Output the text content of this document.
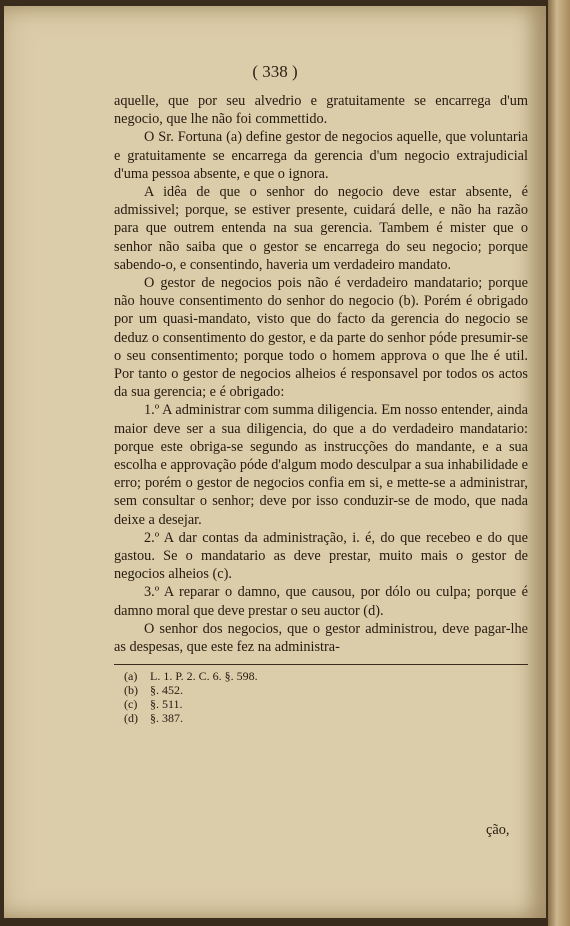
( 338 )

aquelle, que por seu alvedrio e gratuitamente se encarrega d'um negocio, que lhe não foi commettido.

O Sr. Fortuna (a) define gestor de negocios aquelle, que voluntaria e gratuitamente se encarrega da gerencia d'um negocio extrajudicial d'uma pessoa absente, e que o ignora.

A idêa de que o senhor do negocio deve estar absente, é admissivel; porque, se estiver presente, cuidará delle, e não ha razão para que outrem entenda na sua gerencia. Tambem é mister que o senhor não saiba que o gestor se encarrega do seu negocio; porque sabendo-o, e consentindo, haveria um verdadeiro mandato.

O gestor de negocios pois não é verdadeiro mandatario; porque não houve consentimento do senhor do negocio (b). Porém é obrigado por um quasi-mandato, visto que do facto da gerencia do negocio se deduz o consentimento do gestor, e da parte do senhor póde presumir-se o seu consentimento; porque todo o homem approva o que lhe é util. Por tanto o gestor de negocios alheios é responsavel por todos os actos da sua gerencia; e é obrigado:

1.º A administrar com summa diligencia. Em nosso entender, ainda maior deve ser a sua diligencia, do que a do verdadeiro mandatario: porque este obriga-se segundo as instrucções do mandante, e a sua escolha e approvação póde d'algum modo desculpar a sua inhabilidade e erro; porém o gestor de negocios confia em si, e mette-se a administrar, sem consultar o senhor; deve por isso conduzir-se de modo, que nada deixe a desejar.

2.º A dar contas da administração, i. é, do que recebeo e do que gastou. Se o mandatario as deve prestar, muito mais o gestor de negocios alheios (c).

3.º A reparar o damno, que causou, por dólo ou culpa; porque é damno moral que deve prestar o seu auctor (d).

O senhor dos negocios, que o gestor administrou, deve pagar-lhe as despesas, que este fez na administra-

(a) L. 1. P. 2. C. 6. §. 598.
(b) §. 452.
(c) §. 511.
(d) §. 387.
ção,
